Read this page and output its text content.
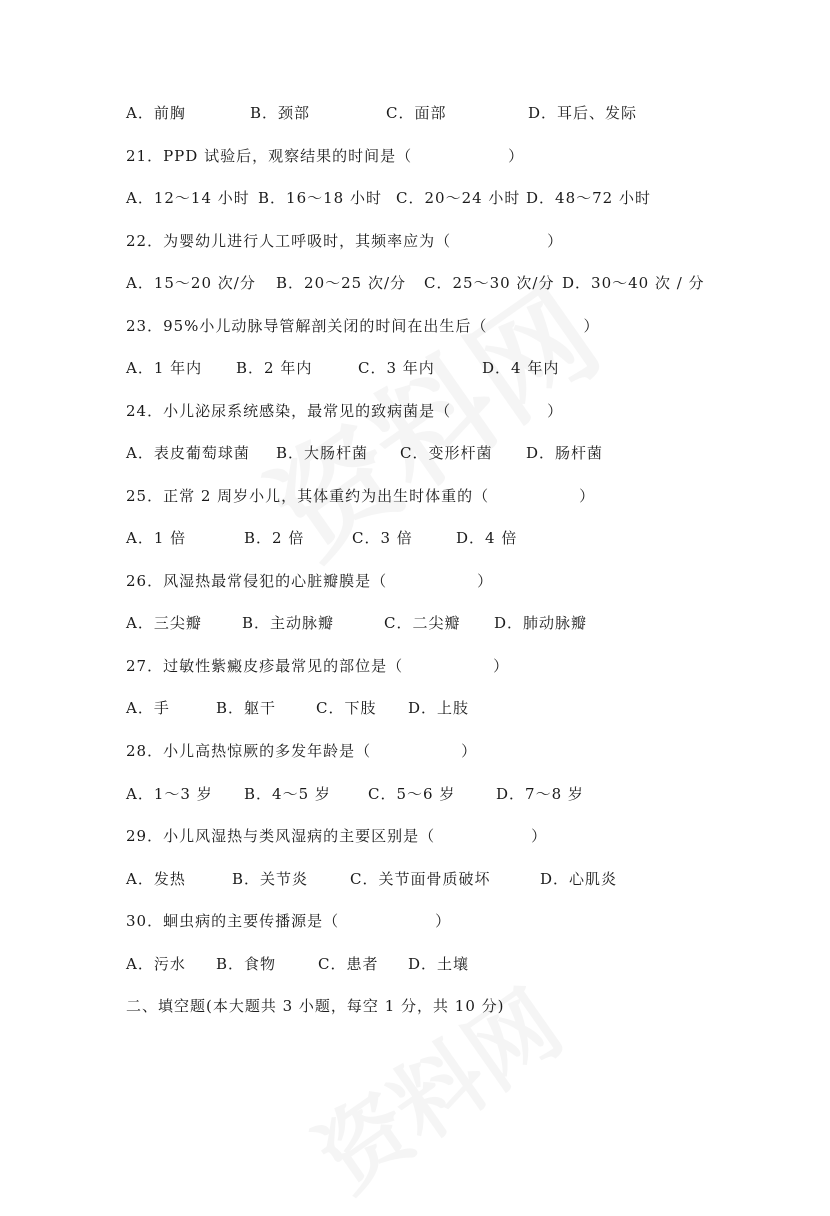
A．前胸	B．颈部	C．面部	D．耳后、发际
21．PPD 试验后，观察结果的时间是（	）
A．12～14 小时 B．16～18 小时 C．20～24 小时 D．48～72 小时
22．为婴幼儿进行人工呼吸时，其频率应为（	）
A．15～20 次/分 B．20～25 次/分 C．25～30 次/分 D．30～40 次 / 分
23．95%小儿动脉导管解剖关闭的时间在出生后（	）
A．1 年内 B．2 年内	C．3 年内	D．4 年内
24．小儿泌尿系统感染，最常见的致病菌是（	）
A．表皮葡萄球菌 B．大肠杆菌 C．变形杆菌 D．肠杆菌
25．正常 2 周岁小儿，其体重约为出生时体重的（	）
A．1 倍	B．2 倍	C．3 倍	D．4 倍
26．风湿热最常侵犯的心脏瓣膜是（	）
A．三尖瓣	B．主动脉瓣	C．二尖瓣 D．肺动脉瓣
27．过敏性紫癜皮疹最常见的部位是（	）
A．手	B．躯干	C．下肢 D．上肢
28．小儿高热惊厥的多发年龄是（	）
A．1～3 岁 B．4～5 岁 C．5～6 岁	D．7～8 岁
29．小儿风湿热与类风湿病的主要区别是（	）
A．发热	B．关节炎	C．关节面骨质破坏	D．心肌炎
30．蛔虫病的主要传播源是（	）
A．污水 B．食物	C．患者 D．土壤
二、填空题(本大题共 3 小题，每空 1 分，共 10 分)
